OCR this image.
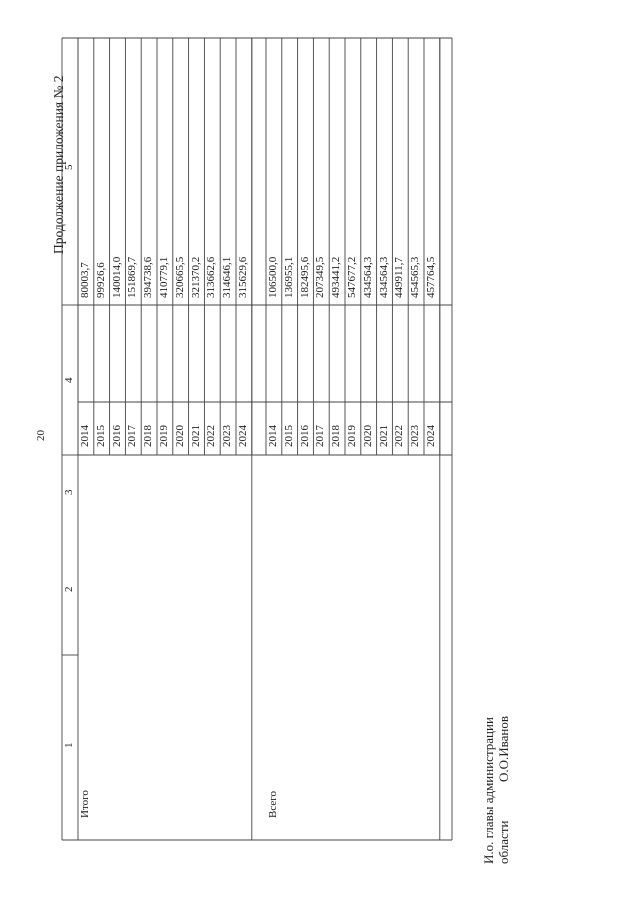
20
Продолжение приложения № 2
1
2
3
4
5
Итого
2014
80003,7
2015
99926,6
2016
140014,0
2017
151869,7
2018
394738,6
2019
410779,1
2020
320665,5
2021
321370,2
2022
313662,6
2023
314646,1
2024
315629,6
Всего
2014
106500,0
2015
136955,1
2016
182495,6
2017
207349,5
2018
493441,2
2019
547677,2
2020
434564,3
2021
434564,3
2022
449911,7
2023
454565,3
2024
457764,5
И.о. главы администрации области
О.О.Иванов
